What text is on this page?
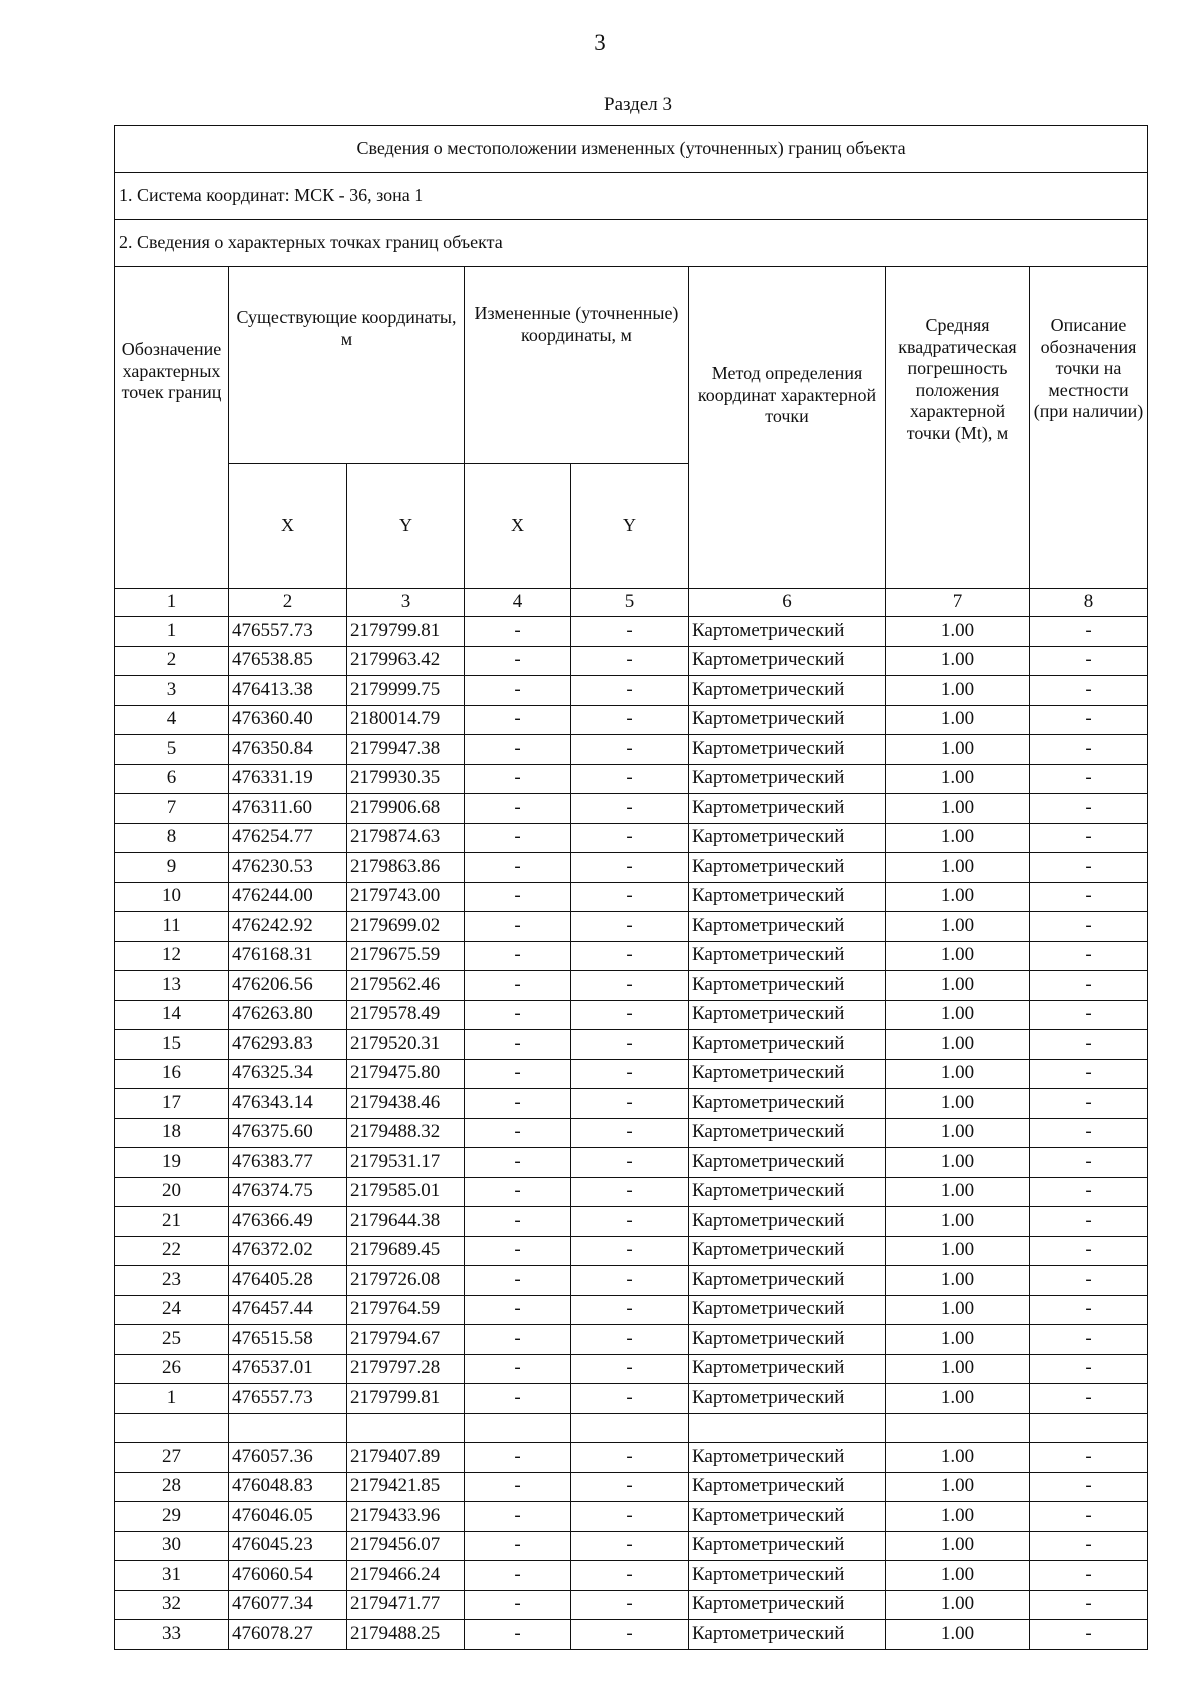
3
Раздел 3
Сведения о местоположении измененных (уточненных) границ объекта							
1. Система координат: МСК - 36, зона 1							
2. Сведения о характерных точках границ объекта							
Обозначение характерных точек границ	Существующие координаты, м		Измененные (уточненные) координаты, м		Метод определения координат характерной точки	Средняя квадратическая погрешность положения характерной точки (Mt), м	Описание обозначения точки на местности (при наличии)
	X	Y	X	Y			
1	2	3	4	5	6	7	8
1	476557.73	2179799.81	-	-	Картометрический	1.00	-
2	476538.85	2179963.42	-	-	Картометрический	1.00	-
3	476413.38	2179999.75	-	-	Картометрический	1.00	-
4	476360.40	2180014.79	-	-	Картометрический	1.00	-
5	476350.84	2179947.38	-	-	Картометрический	1.00	-
6	476331.19	2179930.35	-	-	Картометрический	1.00	-
7	476311.60	2179906.68	-	-	Картометрический	1.00	-
8	476254.77	2179874.63	-	-	Картометрический	1.00	-
9	476230.53	2179863.86	-	-	Картометрический	1.00	-
10	476244.00	2179743.00	-	-	Картометрический	1.00	-
11	476242.92	2179699.02	-	-	Картометрический	1.00	-
12	476168.31	2179675.59	-	-	Картометрический	1.00	-
13	476206.56	2179562.46	-	-	Картометрический	1.00	-
14	476263.80	2179578.49	-	-	Картометрический	1.00	-
15	476293.83	2179520.31	-	-	Картометрический	1.00	-
16	476325.34	2179475.80	-	-	Картометрический	1.00	-
17	476343.14	2179438.46	-	-	Картометрический	1.00	-
18	476375.60	2179488.32	-	-	Картометрический	1.00	-
19	476383.77	2179531.17	-	-	Картометрический	1.00	-
20	476374.75	2179585.01	-	-	Картометрический	1.00	-
21	476366.49	2179644.38	-	-	Картометрический	1.00	-
22	476372.02	2179689.45	-	-	Картометрический	1.00	-
23	476405.28	2179726.08	-	-	Картометрический	1.00	-
24	476457.44	2179764.59	-	-	Картометрический	1.00	-
25	476515.58	2179794.67	-	-	Картометрический	1.00	-
26	476537.01	2179797.28	-	-	Картометрический	1.00	-
1	476557.73	2179799.81	-	-	Картометрический	1.00	-

27	476057.36	2179407.89	-	-	Картометрический	1.00	-
28	476048.83	2179421.85	-	-	Картометрический	1.00	-
29	476046.05	2179433.96	-	-	Картометрический	1.00	-
30	476045.23	2179456.07	-	-	Картометрический	1.00	-
31	476060.54	2179466.24	-	-	Картометрический	1.00	-
32	476077.34	2179471.77	-	-	Картометрический	1.00	-
33	476078.27	2179488.25	-	-	Картометрический	1.00	-
